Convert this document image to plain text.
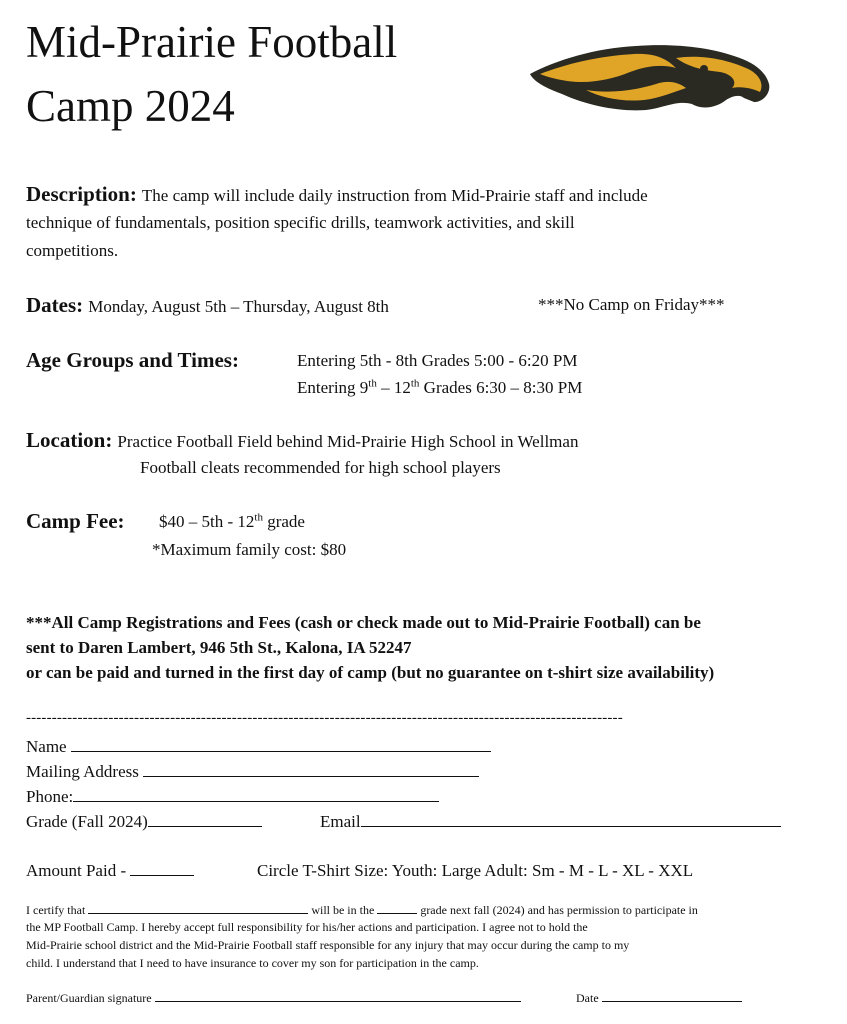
Mid-Prairie Football
Camp 2024
Description: The camp will include daily instruction from Mid-Prairie staff and include
technique of fundamentals, position specific drills, teamwork activities, and skill
competitions.
Dates: Monday, August 5th – Thursday, August 8th	***No Camp on Friday***
Age Groups and Times:	Entering 5th - 8th Grades 5:00 - 6:20 PM
Entering 9th – 12th Grades 6:30 – 8:30 PM
Location: Practice Football Field behind Mid-Prairie High School in Wellman
Football cleats recommended for high school players
Camp Fee: $40 – 5th - 12th grade
*Maximum family cost: $80
***All Camp Registrations and Fees (cash or check made out to Mid-Prairie Football) can be
sent to Daren Lambert, 946 5th St., Kalona, IA 52247
or can be paid and turned in the first day of camp (but no guarantee on t-shirt size availability)
--------------------------------------------------------------------------------------------------------------------
Name
Mailing Address
Phone:
Grade (Fall 2024)	Email
Amount Paid -	Circle T-Shirt Size: Youth: Large Adult: Sm - M - L - XL - XXL
I certify that	will be in the	grade next fall (2024) and has permission to participate in
the MP Football Camp. I hereby accept full responsibility for his/her actions and participation. I agree not to hold the
Mid-Prairie school district and the Mid-Prairie Football staff responsible for any injury that may occur during the camp to my
child. I understand that I need to have insurance to cover my son for participation in the camp.
Parent/Guardian signature	Date
